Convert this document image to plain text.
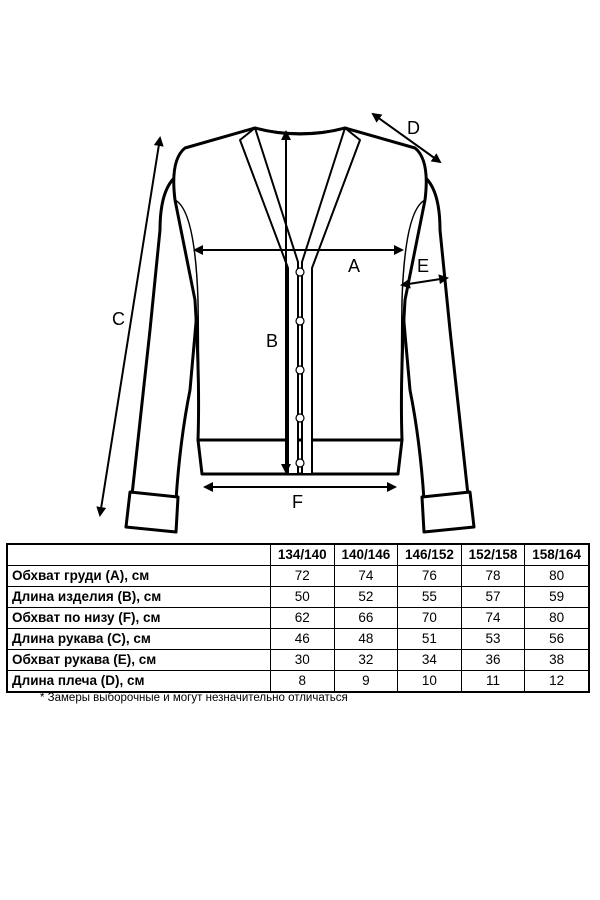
A
B
C
D
E
F
	134/140	140/146	146/152	152/158	158/164
Обхват груди (A), см	72	74	76	78	80
Длина изделия (B), см	50	52	55	57	59
Обхват по низу (F), см	62	66	70	74	80
Длина рукава (C), см	46	48	51	53	56
Обхват рукава (E), см	30	32	34	36	38
Длина плеча (D), см	8	9	10	11	12
* Замеры выборочные и могут незначительно отличаться
